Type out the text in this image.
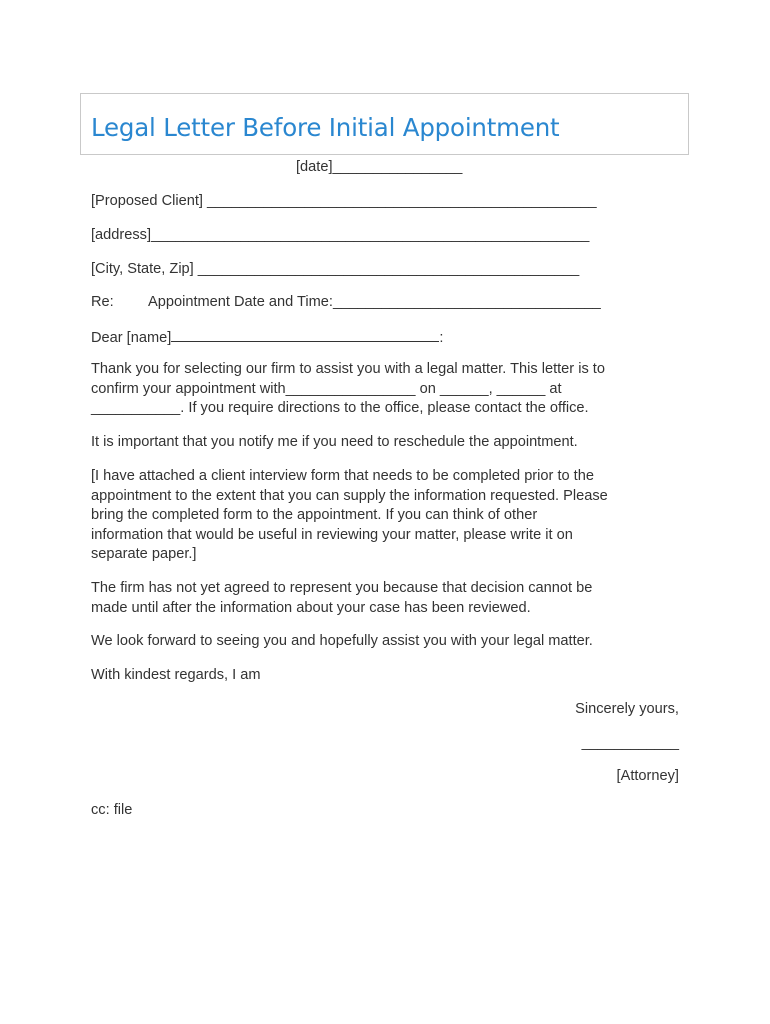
Legal Letter Before Initial Appointment
[date]________________
[Proposed Client] ________________________________________________
[address]______________________________________________________
[City, State, Zip] _______________________________________________
Re: Appointment Date and Time:_________________________________
Dear [name]	:
Thank you for selecting our firm to assist you with a legal matter. This letter is to
confirm your appointment with________________ on ______, ______ at
___________. If you require directions to the office, please contact the office.
It is important that you notify me if you need to reschedule the appointment.
[I have attached a client interview form that needs to be completed prior to the
appointment to the extent that you can supply the information requested. Please
bring the completed form to the appointment. If you can think of other
information that would be useful in reviewing your matter, please write it on
separate paper.]
The firm has not yet agreed to represent you because that decision cannot be
made until after the information about your case has been reviewed.
We look forward to seeing you and hopefully assist you with your legal matter.
With kindest regards, I am
Sincerely yours,
____________
[Attorney]
cc: file
